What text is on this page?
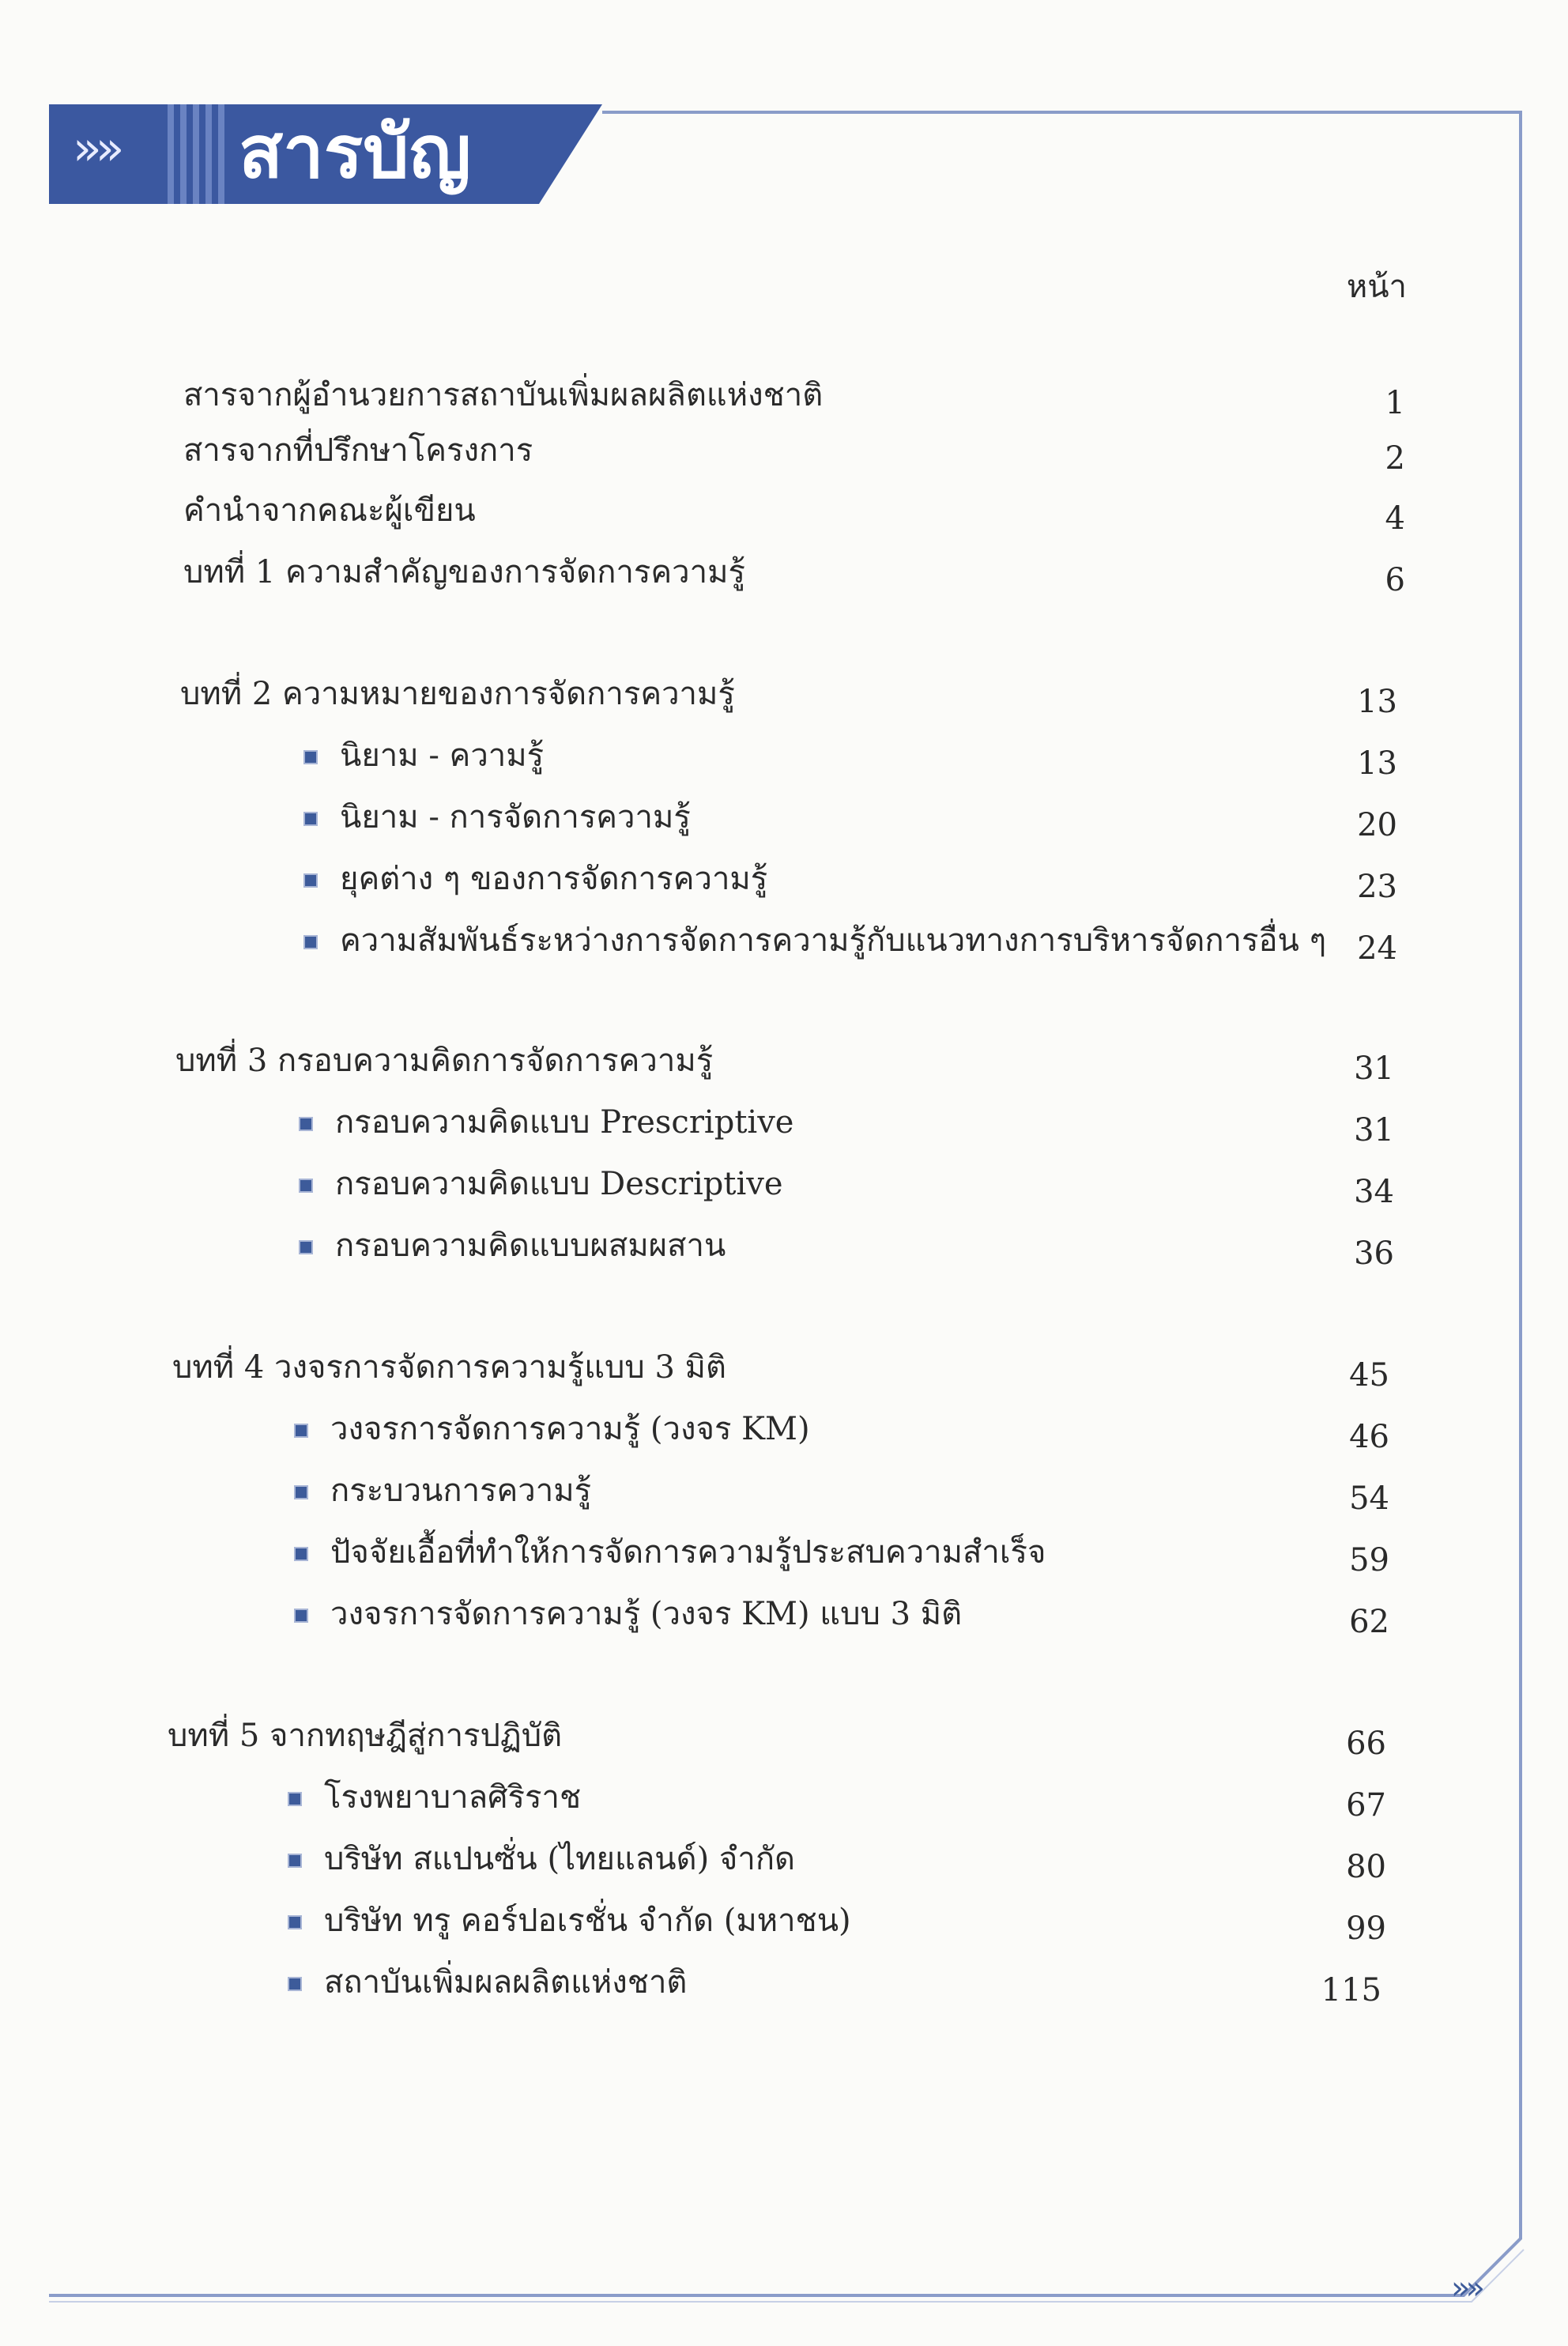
»» สารบัญ
หน้า
สารจากผู้อำนวยการสถาบันเพิ่มผลผลิตแห่งชาติ	1
สารจากที่ปรึกษาโครงการ	2
คำนำจากคณะผู้เขียน	4
บทที่ 1 ความสำคัญของการจัดการความรู้	6
บทที่ 2 ความหมายของการจัดการความรู้	13
นิยาม - ความรู้	13
นิยาม - การจัดการความรู้	20
ยุคต่าง ๆ ของการจัดการความรู้	23
ความสัมพันธ์ระหว่างการจัดการความรู้กับแนวทางการบริหารจัดการอื่น ๆ 24
บทที่ 3 กรอบความคิดการจัดการความรู้	31
กรอบความคิดแบบ Prescriptive	31
กรอบความคิดแบบ Descriptive	34
กรอบความคิดแบบผสมผสาน	36
บทที่ 4 วงจรการจัดการความรู้แบบ 3 มิติ	45
วงจรการจัดการความรู้ (วงจร KM)	46
กระบวนการความรู้	54
ปัจจัยเอื้อที่ทำให้การจัดการความรู้ประสบความสำเร็จ	59
วงจรการจัดการความรู้ (วงจร KM) แบบ 3 มิติ	62
บทที่ 5 จากทฤษฎีสู่การปฏิบัติ	66
โรงพยาบาลศิริราช	67
บริษัท สแปนซั่น (ไทยแลนด์) จำกัด	80
บริษัท ทรู คอร์ปอเรชั่น จำกัด (มหาชน)	99
สถาบันเพิ่มผลผลิตแห่งชาติ	115
»»
